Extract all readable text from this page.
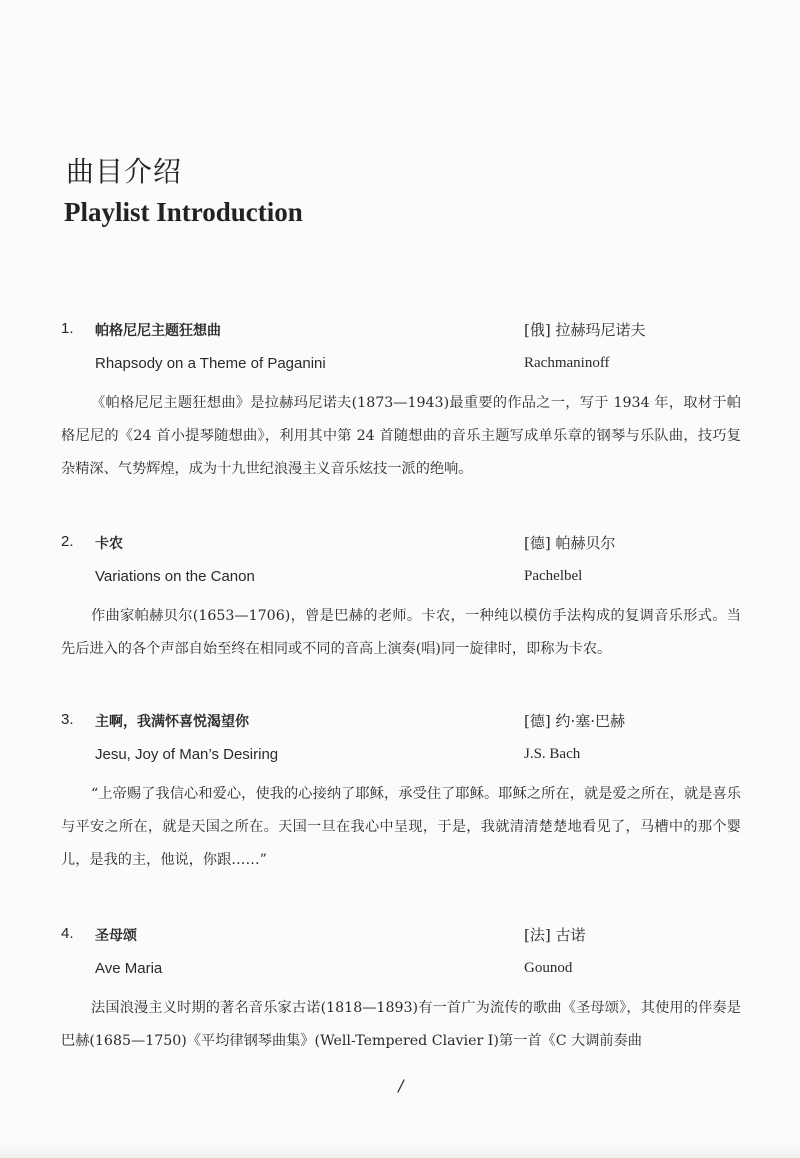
曲目介绍
Playlist Introduction
1. 帕格尼尼主题狂想曲	[俄] 拉赫玛尼诺夫
Rhapsody on a Theme of Paganini	Rachmaninoff

《帕格尼尼主题狂想曲》是拉赫玛尼诺夫(1873—1943)最重要的作品之一，写于 1934 年，取材于帕格尼尼的《24 首小提琴随想曲》，利用其中第 24 首随想曲的音乐主题写成单乐章的钢琴与乐队曲，技巧复杂精深、气势辉煌，成为十九世纪浪漫主义音乐炫技一派的绝响。

2. 卡农	[德] 帕赫贝尔
Variations on the Canon	Pachelbel

作曲家帕赫贝尔(1653—1706)，曾是巴赫的老师。卡农，一种纯以模仿手法构成的复调音乐形式。当先后进入的各个声部自始至终在相同或不同的音高上演奏(唱)同一旋律时，即称为卡农。

3. 主啊，我满怀喜悦渴望你	[德] 约·塞·巴赫
Jesu, Joy of Man’s Desiring	J.S. Bach

“上帝赐了我信心和爱心，使我的心接纳了耶稣，承受住了耶稣。耶稣之所在，就是爱之所在，就是喜乐与平安之所在，就是天国之所在。天国一旦在我心中呈现，于是，我就清清楚楚地看见了，马槽中的那个婴儿，是我的主，他说，你跟……”

4. 圣母颂	[法] 古诺
Ave Maria	Gounod

法国浪漫主义时期的著名音乐家古诺(1818—1893)有一首广为流传的歌曲《圣母颂》，其使用的伴奏是巴赫(1685—1750)《平均律钢琴曲集》(Well-Tempered Clavier Ⅰ)第一首《C 大调前奏曲
